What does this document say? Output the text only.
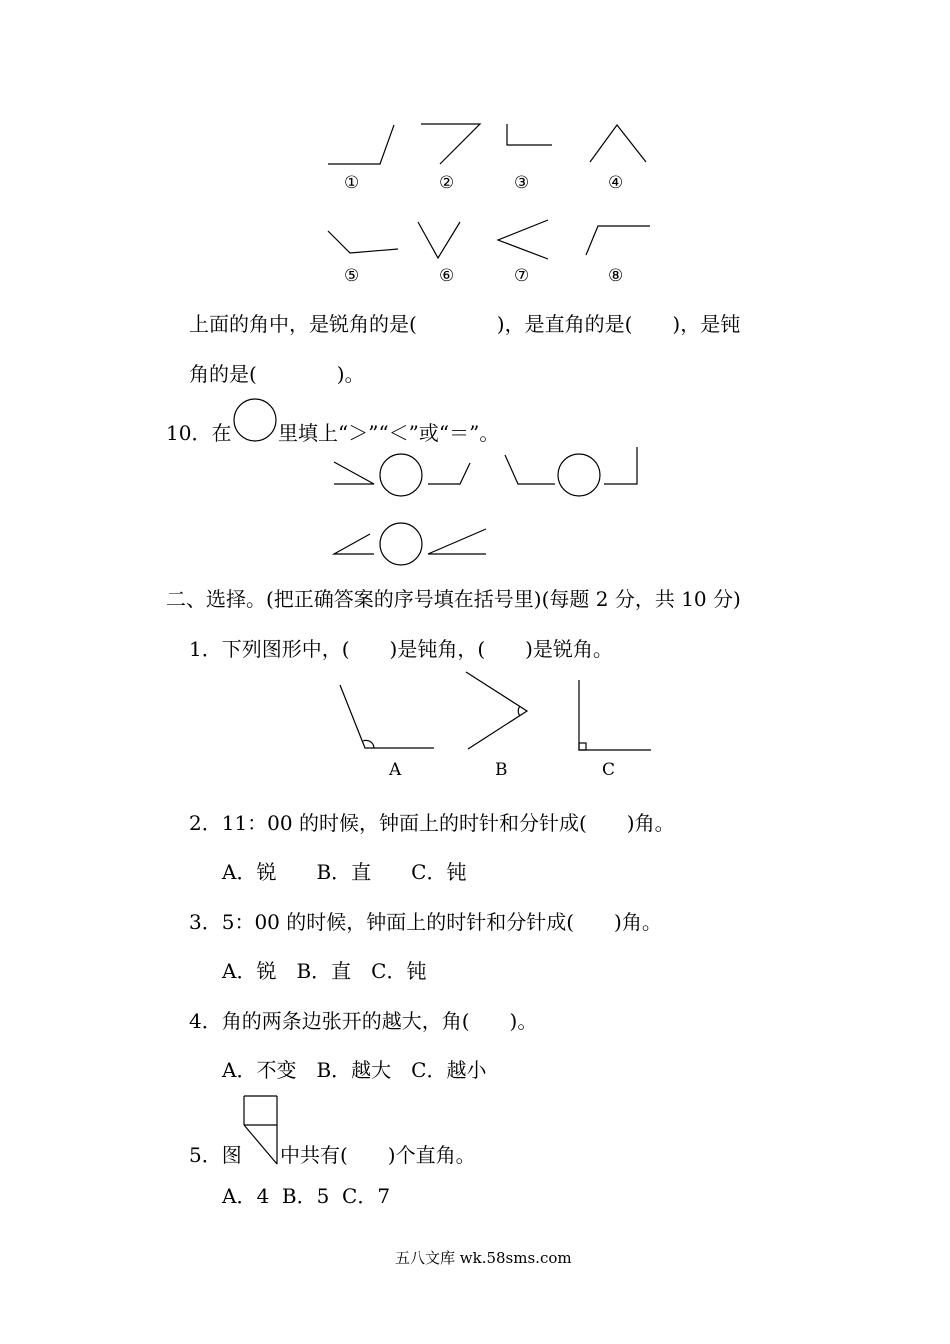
①	②	③	④
⑤	⑥	⑦	⑧
上面的角中，是锐角的是(　　　　)，是直角的是(　　)，是钝
角的是(　　　　)。
10．在 里填上“＞”“＜”或“＝”。
二、选择。(把正确答案的序号填在括号里)(每题 2 分，共 10 分)
1．下列图形中，(　　)是钝角，(　　)是锐角。
A	B	C
2．11：00 的时候，钟面上的时针和分针成(　　)角。
A．锐　　B．直　　C．钝
3．5：00 的时候，钟面上的时针和分针成(　　)角。
A．锐　B．直　C．钝
4．角的两条边张开的越大，角(　　)。
A．不变　B．越大　C．越小
5．图 中共有(　　)个直角。
A．4  B．5  C．7
五八文库 wk.58sms.com
